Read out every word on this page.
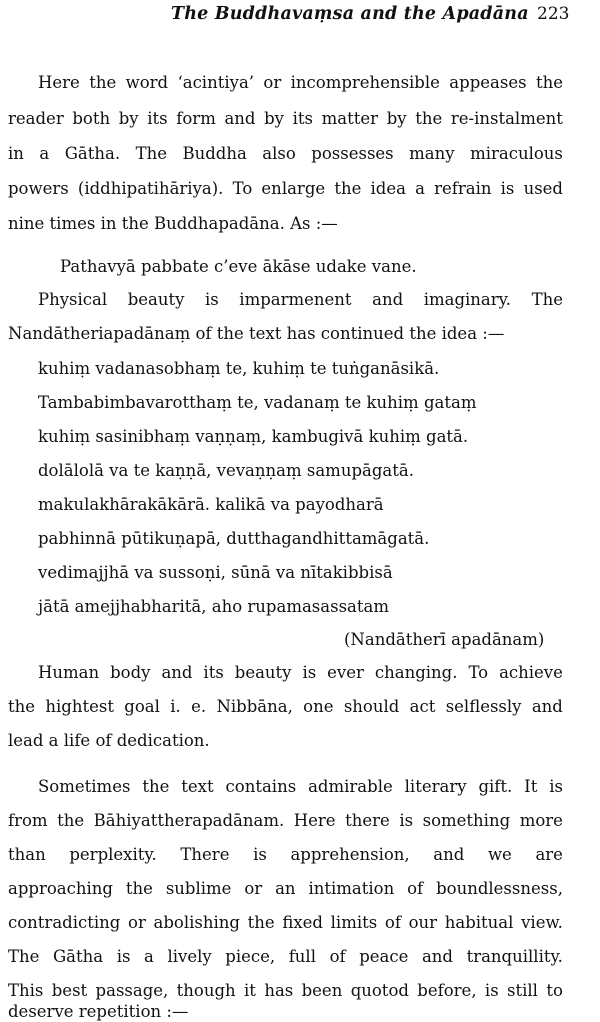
The Buddhavaṃsa and the Apadāna 223
Here the word ‘acintiya’ or incomprehensible appeases the
reader both by its form and by its matter by the re-instalment
in a Gātha. The Buddha also possesses many miraculous
powers (iddhipatihāriya). To enlarge the idea a refrain is used
nine times in the Buddhapadāna. As :—
Pathavyā pabbate c’eve ākāse udake vane.
Physical beauty is imparmenent and imaginary. The
Nandātheriapadānaṃ of the text has continued the idea :—
kuhiṃ vadanasobhaṃ te, kuhiṃ te tuṅganāsikā.
Tambabimbavarotthaṃ te, vadanaṃ te kuhiṃ gataṃ
kuhiṃ sasinibhaṃ vaṇṇaṃ, kambugivā kuhiṃ gatā.
dolālolā va te kaṇṇā, vevaṇṇaṃ samupāgatā.
makulakhārakākārā. kalikā va payodharā
pabhinnā pūtikuṇapā, dutthagandhittamāgatā.
vedimajjhā va sussoṇi, sūnā va nītakibbisā
jātā amejjhabharitā, aho rupamasassatam
(Nandātherī apadānam)
Human body and its beauty is ever changing. To achieve
the hightest goal i. e. Nibbāna, one should act selflessly and
lead a life of dedication.
Sometimes the text contains admirable literary gift. It is
from the Bāhiyattherapadānam. Here there is something more
than perplexity. There is apprehension, and we are
approaching the sublime or an intimation of boundlessness,
contradicting or abolishing the fixed limits of our habitual view.
The Gātha is a lively piece, full of peace and tranquillity.
This best passage, though it has been quotod before, is still to
deserve repetition :—
